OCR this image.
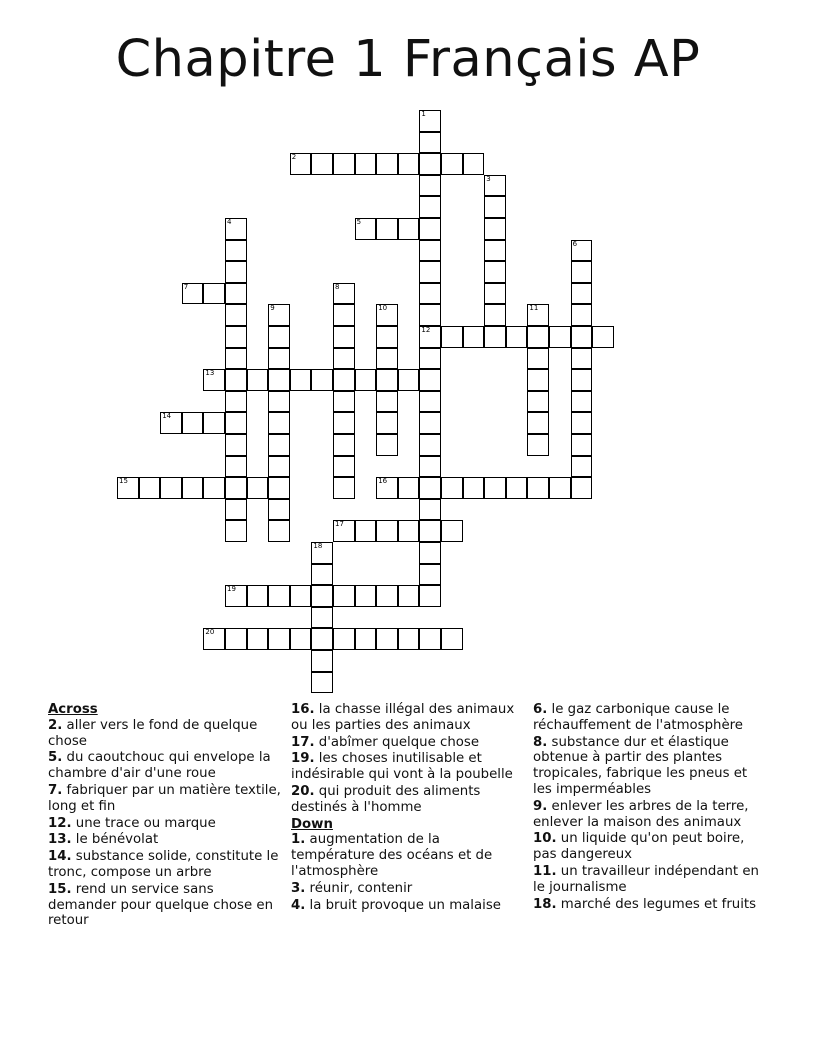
Chapitre 1 Français AP
1
12
2
3
4	5
6
7	8
9	10	11
13
14
15	16
17
18
19
20
Across
2. aller vers le fond de quelque chose
5. du caoutchouc qui envelope la chambre d'air d'une roue
7. fabriquer par un matière textile, long et fin
12. une trace ou marque
13. le bénévolat
14. substance solide, constitute le tronc, compose un arbre
15. rend un service sans demander pour quelque chose en retour
16. la chasse illégal des animaux ou les parties des animaux
17. d'abîmer quelque chose
19. les choses inutilisable et indésirable qui vont à la poubelle
20. qui produit des aliments destinés à l'homme
Down
1. augmentation de la température des océans et de l'atmosphère
3. réunir, contenir
4. la bruit provoque un malaise
6. le gaz carbonique cause le réchauffement de l'atmosphère
8. substance dur et élastique obtenue à partir des plantes tropicales, fabrique les pneus et les imperméables
9. enlever les arbres de la terre, enlever la maison des animaux
10. un liquide qu'on peut boire, pas dangereux
11. un travailleur indépendant en le journalisme
18. marché des legumes et fruits
